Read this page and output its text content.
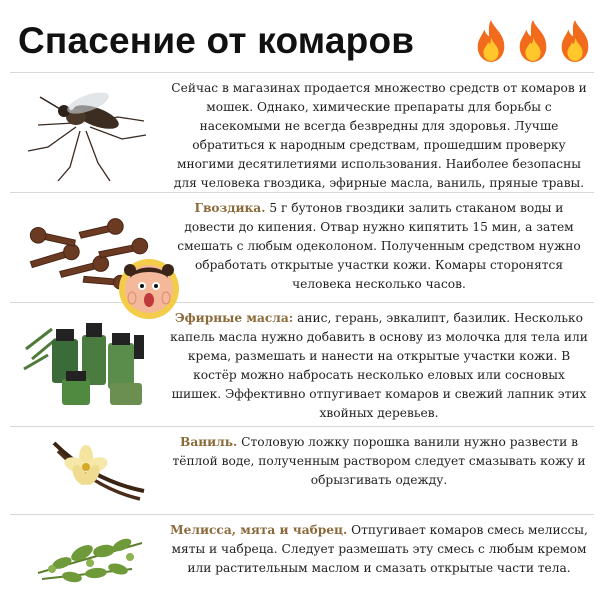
Спасение от комаров
Сейчас в магазинах продается множество средств от комаров и мошек. Однако, химические препараты для борьбы с насекомыми не всегда безвредны для здоровья. Лучше обратиться к народным средствам, прошедшим проверку многими десятилетиями использования. Наиболее безопасны для человека гвоздика, эфирные масла, ваниль, пряные травы.
Гвоздика. 5 г бутонов гвоздики залить стаканом воды и довести до кипения. Отвар нужно кипятить 15 мин, а затем смешать с любым одеколоном. Полученным средством нужно обработать открытые участки кожи. Комары сторонятся человека несколько часов.
Эфирные масла: анис, герань, эвкалипт, базилик. Несколько капель масла нужно добавить в основу из молочка для тела или крема, размешать и нанести на открытые участки кожи. В костёр можно набросать несколько еловых или сосновых шишек. Эффективно отпугивает комаров и свежий лапник этих хвойных деревьев.
Ваниль. Столовую ложку порошка ванили нужно развести в тёплой воде, полученным раствором следует смазывать кожу и обрызгивать одежду.
Мелисса, мята и чабрец. Отпугивает комаров смесь мелиссы, мяты и чабреца. Следует размешать эту смесь с любым кремом или растительным маслом и смазать открытые части тела.
